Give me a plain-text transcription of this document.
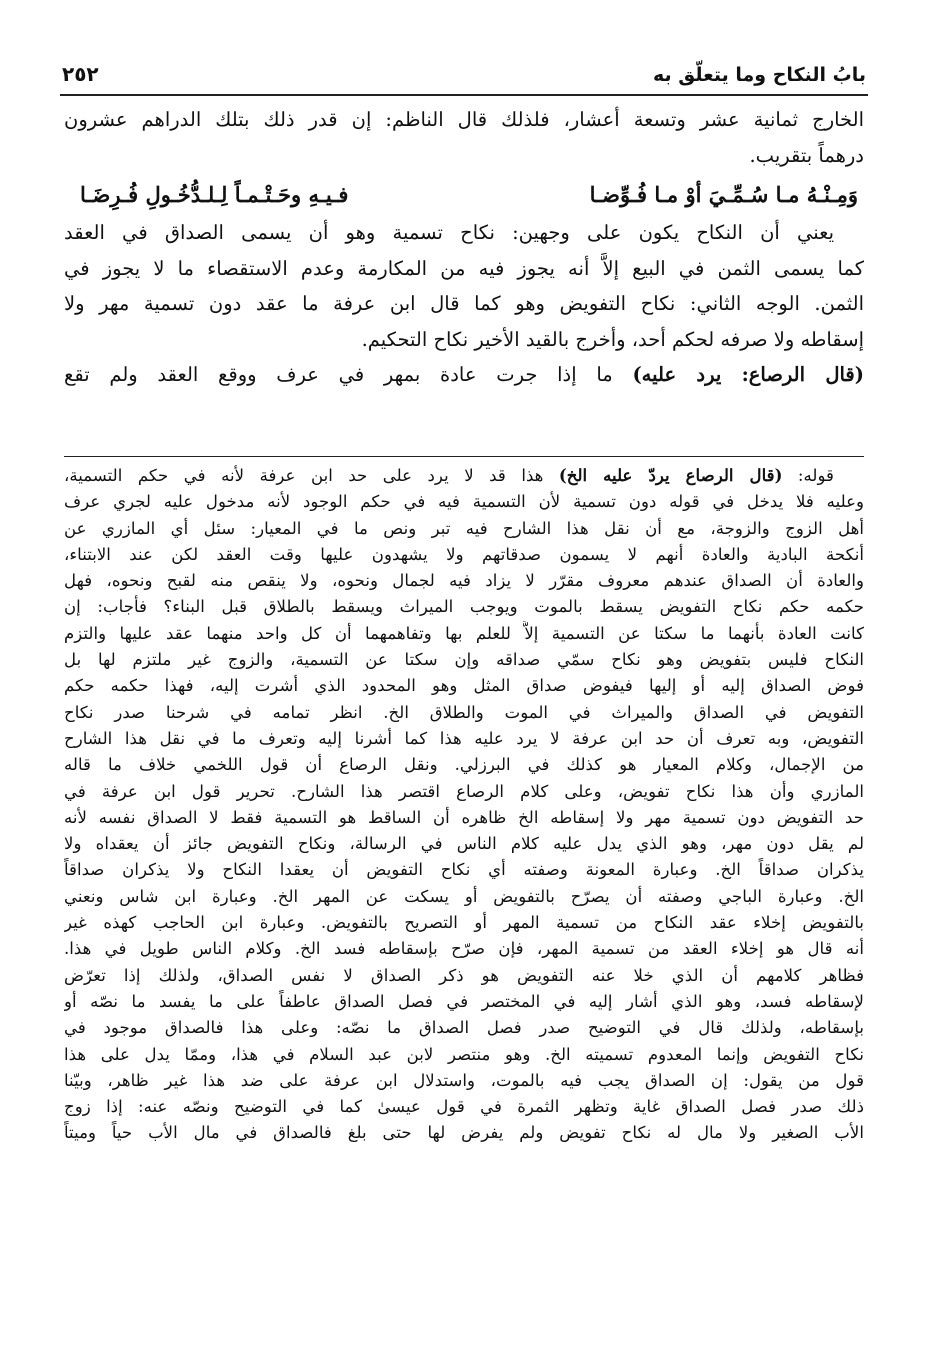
بابُ النكاح وما يتعلّق به
٢٥٢
الخارج ثمانية عشر وتسعة أعشار، فلذلك قال الناظم: إن قدر ذلك بتلك الدراهم عشرون
درهماً بتقريب.
وَمِـنْـهُ مـا سُـمِّـيَ أوْ مـا فُـوِّضـا
فـيـهِ وحَـتْـمـاً لِـلـدُّخُـولِ فُـرِضَـا
يعني أن النكاح يكون على وجهين: نكاح تسمية وهو أن يسمى الصداق في العقد
كما يسمى الثمن في البيع إلاَّ أنه يجوز فيه من المكارمة وعدم الاستقصاء ما لا يجوز في
الثمن. الوجه الثاني: نكاح التفويض وهو كما قال ابن عرفة ما عقد دون تسمية مهر ولا
إسقاطه ولا صرفه لحكم أحد، وأخرج بالقيد الأخير نكاح التحكيم.
(قال الرصاع: يرد عليه) ما إذا جرت عادة بمهر في عرف ووقع العقد ولم تقع
قوله: (قال الرصاع يردّ عليه الخ) هذا قد لا يرد على حد ابن عرفة لأنه في حكم التسمية،
وعليه فلا يدخل في قوله دون تسمية لأن التسمية فيه في حكم الوجود لأنه مدخول عليه لجري عرف
أهل الزوج والزوجة، مع أن نقل هذا الشارح فيه تبر ونص ما في المعيار: سئل أي المازري عن
أنكحة البادية والعادة أنهم لا يسمون صدقاتهم ولا يشهدون عليها وقت العقد لكن عند الابتناء،
والعادة أن الصداق عندهم معروف مقرّر لا يزاد فيه لجمال ونحوه، ولا ينقص منه لقبح ونحوه، فهل
حكمه حكم نكاح التفويض يسقط بالموت ويوجب الميراث ويسقط بالطلاق قبل البناء؟ فأجاب: إن
كانت العادة بأنهما ما سكتا عن التسمية إلاَّ للعلم بها وتفاهمهما أن كل واحد منهما عقد عليها والتزم
النكاح فليس بتفويض وهو نكاح سمّي صداقه وإن سكتا عن التسمية، والزوج غير ملتزم لها بل
فوض الصداق إليه أو إليها فيفوض صداق المثل وهو المحدود الذي أشرت إليه، فهذا حكمه حكم
التفويض في الصداق والميراث في الموت والطلاق الخ. انظر تمامه في شرحنا صدر نكاح
التفويض، وبه تعرف أن حد ابن عرفة لا يرد عليه هذا كما أشرنا إليه وتعرف ما في نقل هذا الشارح
من الإجمال، وكلام المعيار هو كذلك في البرزلي. ونقل الرصاع أن قول اللخمي خلاف ما قاله
المازري وأن هذا نكاح تفويض، وعلى كلام الرصاع اقتصر هذا الشارح. تحرير قول ابن عرفة في
حد التفويض دون تسمية مهر ولا إسقاطه الخ ظاهره أن الساقط هو التسمية فقط لا الصداق نفسه لأنه
لم يقل دون مهر، وهو الذي يدل عليه كلام الناس في الرسالة، ونكاح التفويض جائز أن يعقداه ولا
يذكران صداقاً الخ. وعبارة المعونة وصفته أي نكاح التفويض أن يعقدا النكاح ولا يذكران صداقاً
الخ. وعبارة الباجي وصفته أن يصرّح بالتفويض أو يسكت عن المهر الخ. وعبارة ابن شاس ونعني
بالتفويض إخلاء عقد النكاح من تسمية المهر أو التصريح بالتفويض. وعبارة ابن الحاجب كهذه غير
أنه قال هو إخلاء العقد من تسمية المهر، فإن صرّح بإسقاطه فسد الخ. وكلام الناس طويل في هذا.
فظاهر كلامهم أن الذي خلا عنه التفويض هو ذكر الصداق لا نفس الصداق، ولذلك إذا تعرّض
لإسقاطه فسد، وهو الذي أشار إليه في المختصر في فصل الصداق عاطفاً على ما يفسد ما نصّه أو
بإسقاطه، ولذلك قال في التوضيح صدر فصل الصداق ما نصّه: وعلى هذا فالصداق موجود في
نكاح التفويض وإنما المعدوم تسميته الخ. وهو منتصر لابن عبد السلام في هذا، وممّا يدل على هذا
قول من يقول: إن الصداق يجب فيه بالموت، واستدلال ابن عرفة على ضد هذا غير ظاهر، وبيّنا
ذلك صدر فصل الصداق غاية وتظهر الثمرة في قول عيسىٰ كما في التوضيح ونصّه عنه: إذا زوج
الأب الصغير ولا مال له نكاح تفويض ولم يفرض لها حتى بلغ فالصداق في مال الأب حياً وميتاً
